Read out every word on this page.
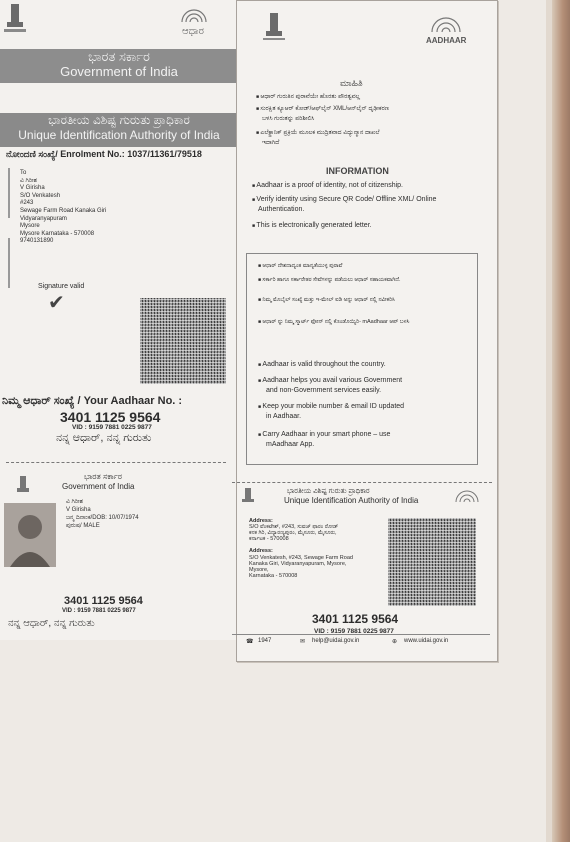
ಆಧಾರ
ಭಾರತ ಸರ್ಕಾರ
Government of India
ಭಾರತೀಯ ವಿಶಿಷ್ಟ ಗುರುತು ಪ್ರಾಧಿಕಾರ
Unique Identification Authority of India
ನೋಂದಣಿ ಸಂಖ್ಯೆ/ Enrolment No.: 1037/11361/79518
To
ವಿ ಗಿರೀಶ
V Girisha
S/O Venkatesh
#243
Sewage Farm Road Kanaka Giri
Vidyaranyapuram
Mysore
Mysore Karnataka - 570008
9740131890
Signature valid
✔
ನಿಮ್ಮ ಆಧಾರ್ ಸಂಖ್ಯೆ / Your Aadhaar No. :
3401 1125 9564
VID : 9159 7881 0225 9877
ನನ್ನ ಆಧಾರ್, ನನ್ನ ಗುರುತು
ಭಾರತ ಸರ್ಕಾರ
Government of India
ವಿ ಗಿರೀಶ
V Girisha
ಜನ್ಮ ದಿನಾಂಕ/DOB: 10/07/1974
ಪುರುಷ/ MALE
3401 1125 9564
VID : 9159 7881 0225 9877
ನನ್ನ ಆಧಾರ್, ನನ್ನ ಗುರುತು
AADHAAR
ಮಾಹಿತಿ
■ ಆಧಾರ್ ಗುರುತಿನ ಪುರಾವೆಯೇ ಹೊರತು ಪೌರತ್ವವಲ್ಲ
■ ಸುರಕ್ಷಿತ ಕ್ಯೂಆರ್ ಕೋಡ್/ಆಫ್‌ಲೈನ್ XML/ಆನ್‌ಲೈನ್ ದೃಢೀಕರಣ
ಬಳಸಿ ಗುರುತನ್ನು ಪರಿಶೀಲಿಸಿ
■ ಎಲೆಕ್ಟ್ರಾನಿಕ್ ಪ್ರಕ್ರಿಯೆ ಮೂಲಕ ಮುದ್ರಿತವಾದ ವಿದ್ಯುನ್ಮಾನ ದಾಖಲೆ
ಇದಾಗಿದೆ
INFORMATION
■ Aadhaar is a proof of identity, not of citizenship.
■ Verify identity using Secure QR Code/ Offline XML/ Online
Authentication.
■ This is electronically generated letter.
■ ಆಧಾರ್ ದೇಶದಾದ್ಯಂತ ಮಾನ್ಯತೆಯುಳ್ಳ ಪುರಾವೆ
■ ಸರ್ಕಾರಿ ಹಾಗೂ ಸರ್ಕಾರೇತರ ಸೇವೆಗಳನ್ನು ಪಡೆಯಲು ಆಧಾರ್ ಸಹಾಯಕವಾಗಿದೆ.
■ ನಿಮ್ಮ ಮೊಬೈಲ್ ಸಂಖ್ಯೆ ಮತ್ತು ಇ-ಮೇಲ್ ಐಡಿ ಅನ್ನು ಆಧಾರ್ ನಲ್ಲಿ ನವೀಕರಿಸಿ
■ ಆಧಾರ್ ನ್ನು ನಿಮ್ಮ ಸ್ಮಾರ್ಟ್ ಫೋನ್ ನಲ್ಲಿ ಕೊಂಡೊಯ್ಯಿರಿ- mAadhaar ಆಪ್ ಬಳಸಿ
■ Aadhaar is valid throughout the country.
■ Aadhaar helps you avail various Government
and non-Government services easily.
■ Keep your mobile number & email ID updated
in Aadhaar.
■ Carry Aadhaar in your smart phone – use
mAadhaar App.
ಭಾರತೀಯ ವಿಶಿಷ್ಟ ಗುರುತು ಪ್ರಾಧಿಕಾರ
Unique Identification Authority of India
Address:
S/O ವೆಂಕಟೇಶ್, #243, ಸುವಜ್ ಫಾರಂ ರೋಡ್
ಕನಕ ಗಿರಿ, ವಿದ್ಯಾರಣ್ಯಪುರಂ, ಮೈಸೂರು, ಮೈಸೂರು,
ಕರ್ನಾಟಕ - 570008
Address:
S/O Venkatesh, #243, Sewage Farm Road
Kanaka Giri, Vidyaranyapuram, Mysore,
Mysore,
Karnataka - 570008
3401 1125 9564
VID : 9159 7881 0225 9877
☎ 1947	✉ help@uidai.gov.in	⊕ www.uidai.gov.in
